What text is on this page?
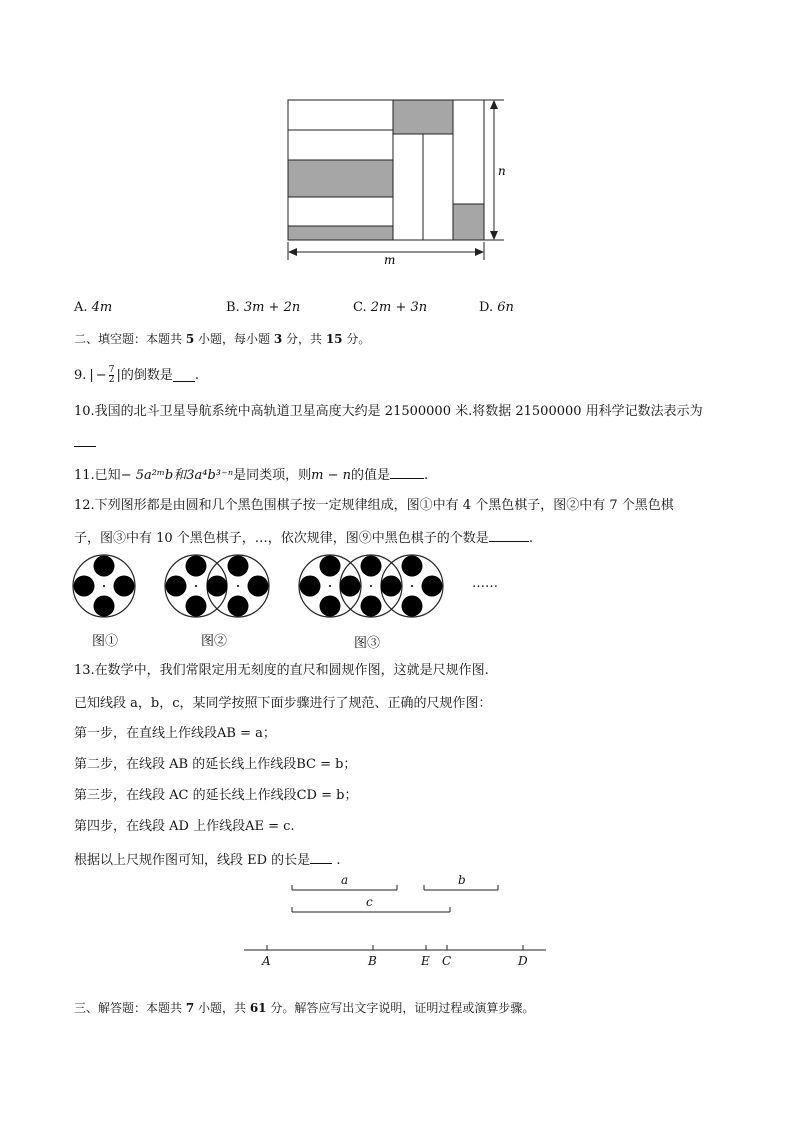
n
m
A. 4m	B. 3m + 2n	C. 2m + 3n	D. 6n
二、填空题：本题共 5 小题，每小题 3 分，共 15 分。
9. | − $\frac{7}{2}$ | 的倒数是 .
10.我国的北斗卫星导航系统中高轨道卫星高度大约是 21500000 米.将数据 21500000 用科学记数法表示为
11.已知− 5a²ᵐb和3a⁴b³⁻ⁿ是同类项，则m − n的值是	.
12.下列图形都是由圆和几个黑色围棋子按一定规律组成，图①中有 4 个黑色棋子，图②中有 7 个黑色棋
子，图③中有 10 个黑色棋子，…，依次规律，图⑨中黑色棋子的个数是	.
……
图①	图②	图③
13.在数学中，我们常限定用无刻度的直尺和圆规作图，这就是尺规作图.
已知线段 a，b，c，某同学按照下面步骤进行了规范、正确的尺规作图：
第一步，在直线上作线段AB = a；
第二步，在线段 AB 的延长线上作线段BC = b；
第三步，在线段 AC 的延长线上作线段CD = b；
第四步，在线段 AD 上作线段AE = c.
根据以上尺规作图可知，线段 ED 的长是 .
a	b
c
A	B	E C	D
三、解答题：本题共 7 小题，共 61 分。解答应写出文字说明，证明过程或演算步骤。
